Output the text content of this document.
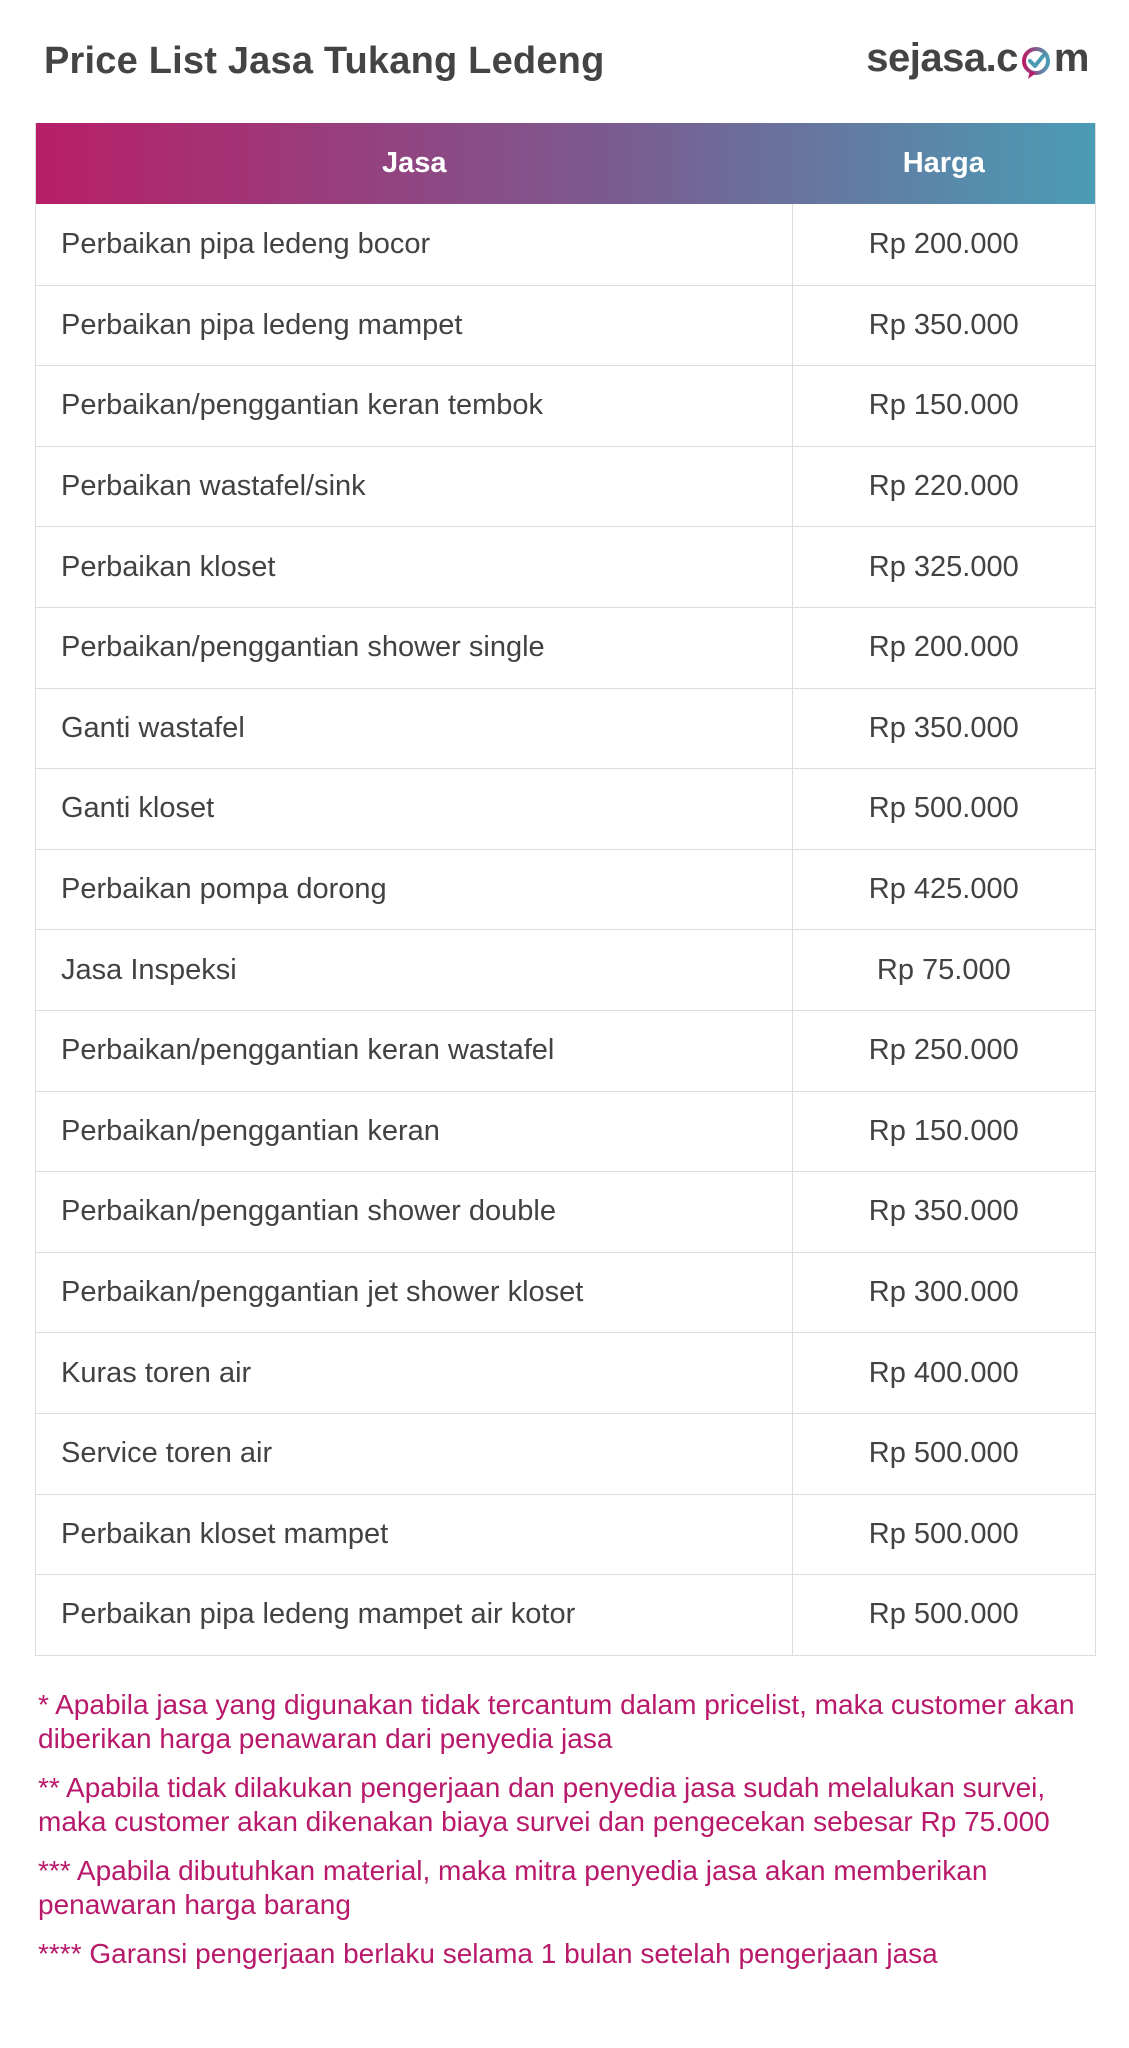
Price List Jasa Tukang Ledeng	sejasa.c m
Jasa	Harga
Perbaikan pipa ledeng bocor	Rp 200.000
Perbaikan pipa ledeng mampet	Rp 350.000
Perbaikan/penggantian keran tembok	Rp 150.000
Perbaikan wastafel/sink	Rp 220.000
Perbaikan kloset	Rp 325.000
Perbaikan/penggantian shower single	Rp 200.000
Ganti wastafel	Rp 350.000
Ganti kloset	Rp 500.000
Perbaikan pompa dorong	Rp 425.000
Jasa Inspeksi	Rp 75.000
Perbaikan/penggantian keran wastafel	Rp 250.000
Perbaikan/penggantian keran	Rp 150.000
Perbaikan/penggantian shower double	Rp 350.000
Perbaikan/penggantian jet shower kloset	Rp 300.000
Kuras toren air	Rp 400.000
Service toren air	Rp 500.000
Perbaikan kloset mampet	Rp 500.000
Perbaikan pipa ledeng mampet air kotor	Rp 500.000

* Apabila jasa yang digunakan tidak tercantum dalam pricelist, maka customer akan diberikan harga penawaran dari penyedia jasa

** Apabila tidak dilakukan pengerjaan dan penyedia jasa sudah melalukan survei, maka customer akan dikenakan biaya survei dan pengecekan sebesar Rp 75.000

*** Apabila dibutuhkan material, maka mitra penyedia jasa akan memberikan penawaran harga barang

**** Garansi pengerjaan berlaku selama 1 bulan setelah pengerjaan jasa
